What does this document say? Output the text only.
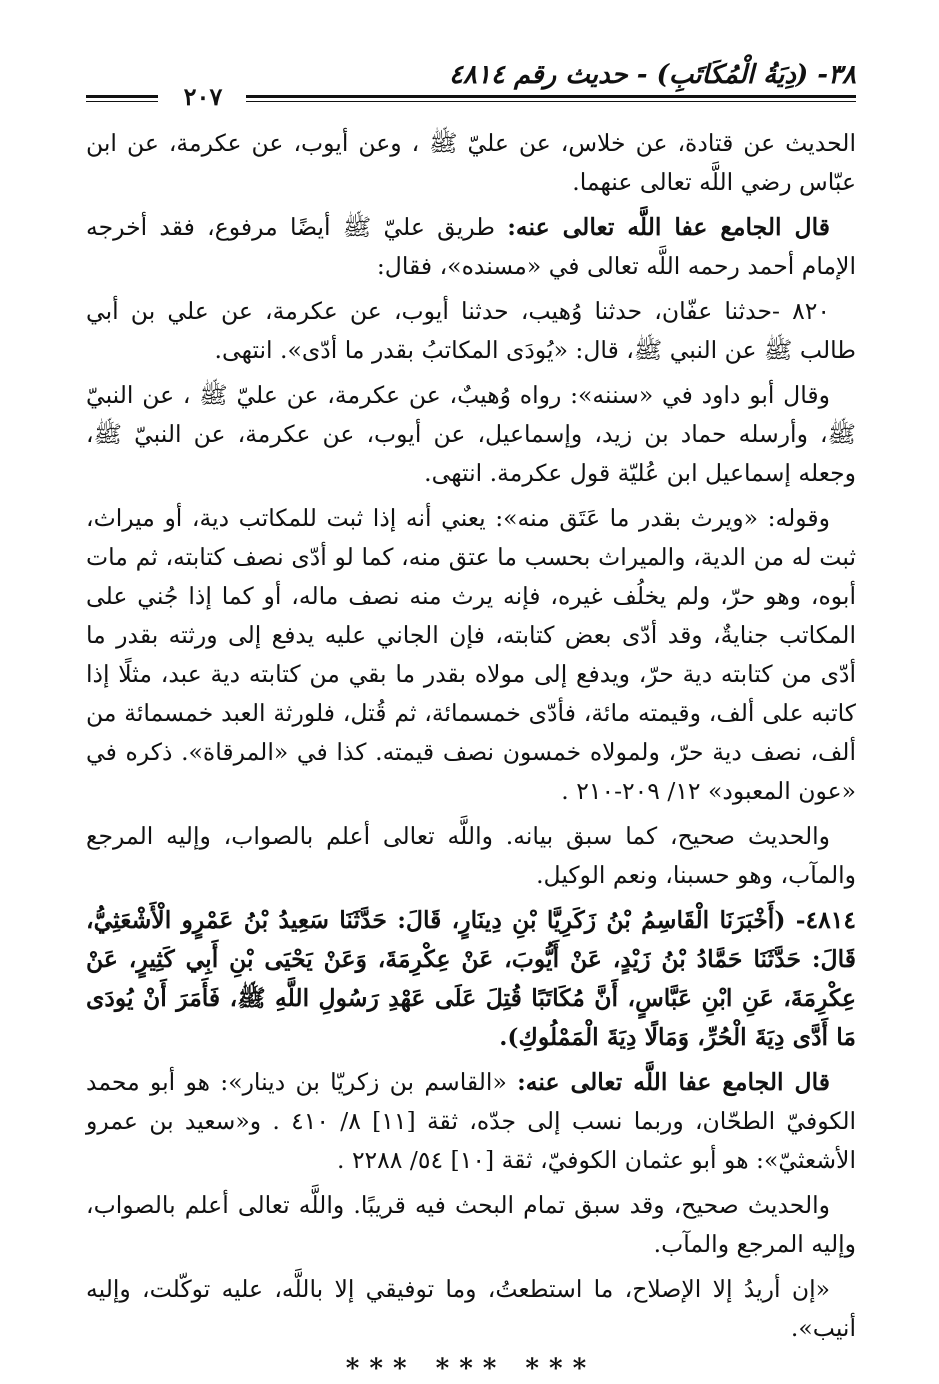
٣٨- (دِيَةُ الْمُكَاتَبِ) - حديث رقم ٤٨١٤
٢٠٧

الحديث عن قتادة، عن خلاس، عن عليّ ﷺ ، وعن أيوب، عن عكرمة، عن ابن عبّاس رضي اللَّه تعالى عنهما.

قال الجامع عفا اللَّه تعالى عنه: طريق عليّ ﷺ أيضًا مرفوع، فقد أخرجه الإمام أحمد رحمه اللَّه تعالى في «مسنده»، فقال:

٨٢٠ -حدثنا عفّان، حدثنا وُهيب، حدثنا أيوب، عن عكرمة، عن علي بن أبي طالب ﷺ عن النبي ﷺ، قال: «يُودَى المكاتبُ بقدر ما أدّى». انتهى.

وقال أبو داود في «سننه»: رواه وُهيبٌ، عن عكرمة، عن عليّ ﷺ ، عن النبيّ ﷺ، وأرسله حماد بن زيد، وإسماعيل، عن أيوب، عن عكرمة، عن النبيّ ﷺ، وجعله إسماعيل ابن عُليّة قول عكرمة. انتهى.

وقوله: «ويرث بقدر ما عَتَق منه»: يعني أنه إذا ثبت للمكاتب دية، أو ميراث، ثبت له من الدية، والميراث بحسب ما عتق منه، كما لو أدّى نصف كتابته، ثم مات أبوه، وهو حرّ، ولم يخلُف غيره، فإنه يرث منه نصف ماله، أو كما إذا جُني على المكاتب جنايةٌ، وقد أدّى بعض كتابته، فإن الجاني عليه يدفع إلى ورثته بقدر ما أدّى من كتابته دية حرّ، ويدفع إلى مولاه بقدر ما بقي من كتابته دية عبد، مثلًا إذا كاتبه على ألف، وقيمته مائة، فأدّى خمسمائة، ثم قُتل، فلورثة العبد خمسمائة من ألف، نصف دية حرّ، ولمولاه خمسون نصف قيمته. كذا في «المرقاة». ذكره في «عون المعبود» ١٢/ ٢٠٩-٢١٠ .

والحديث صحيح، كما سبق بيانه. واللَّه تعالى أعلم بالصواب، وإليه المرجع والمآب، وهو حسبنا، ونعم الوكيل.

٤٨١٤- (أَخْبَرَنَا الْقَاسِمُ بْنُ زَكَرِيَّا بْنِ دِينَارٍ، قَالَ: حَدَّثَنَا سَعِيدُ بْنُ عَمْرٍو الْأَشْعَثِيُّ، قَالَ: حَدَّثَنَا حَمَّادُ بْنُ زَيْدٍ، عَنْ أَيُّوبَ، عَنْ عِكْرِمَةَ، وَعَنْ يَحْيَى بْنِ أَبِي كَثِيرٍ، عَنْ عِكْرِمَةَ، عَنِ ابْنِ عَبَّاسٍ، أَنَّ مُكَاتَبًا قُتِلَ عَلَى عَهْدِ رَسُولِ اللَّهِ ﷺ، فَأَمَرَ أَنْ يُودَى مَا أَدَّى دِيَةَ الْحُرِّ، وَمَالًا دِيَةَ الْمَمْلُوكِ).

قال الجامع عفا اللَّه تعالى عنه: «القاسم بن زكريّا بن دينار»: هو أبو محمد الكوفيّ الطحّان، وربما نسب إلى جدّه، ثقة [١١] ٨/ ٤١٠ . و«سعيد بن عمرو الأشعثيّ»: هو أبو عثمان الكوفيّ، ثقة [١٠] ٥٤/ ٢٢٨٨ .

والحديث صحيح، وقد سبق تمام البحث فيه قريبًا. واللَّه تعالى أعلم بالصواب، وإليه المرجع والمآب.

«إن أريدُ إلا الإصلاح، ما استطعتُ، وما توفيقي إلا باللَّه، عليه توكّلت، وإليه أنيب».

*** *** ***
